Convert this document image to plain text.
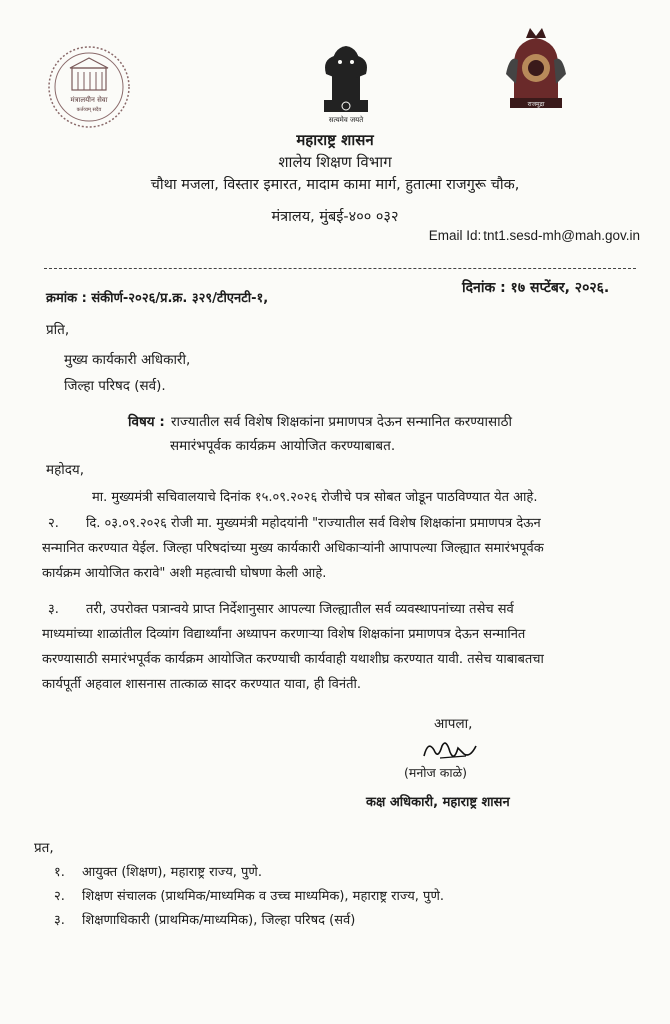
मंत्रालयीन सेवा
कर्तव्यम् सदैव
सत्यमेव जयते
राजमुद्रा
महाराष्ट्र शासन
शालेय शिक्षण विभाग
चौथा मजला, विस्तार इमारत, मादाम कामा मार्ग, हुतात्मा राजगुरू चौक,
मंत्रालय, मुंबई-४०० ०३२
Email Id: tnt1.sesd-mh@mah.gov.in
क्रमांक : संकीर्ण-२०२६/प्र.क्र. ३२९/टीएनटी-१,
दिनांक : १७ सप्टेंबर, २०२६.
प्रति,
मुख्य कार्यकारी अधिकारी,
जिल्हा परिषद (सर्व).
विषय : राज्यातील सर्व विशेष शिक्षकांना प्रमाणपत्र देऊन सन्मानित करण्यासाठी
समारंभपूर्वक कार्यक्रम आयोजित करण्याबाबत.
महोदय,
मा. मुख्यमंत्री सचिवालयाचे दिनांक १५.०९.२०२६ रोजीचे पत्र सोबत जोडून पाठविण्यात येत आहे.
२. दि. ०३.०९.२०२६ रोजी मा. मुख्यमंत्री महोदयांनी "राज्यातील सर्व विशेष शिक्षकांना प्रमाणपत्र देऊन
सन्मानित करण्यात येईल. जिल्हा परिषदांच्या मुख्य कार्यकारी अधिकाऱ्यांनी आपापल्या जिल्ह्यात समारंभपूर्वक
कार्यक्रम आयोजित करावे" अशी महत्वाची घोषणा केली आहे.
३. तरी, उपरोक्त पत्रान्वये प्राप्त निर्देशानुसार आपल्या जिल्ह्यातील सर्व व्यवस्थापनांच्या तसेच सर्व
माध्यमांच्या शाळांतील दिव्यांग विद्यार्थ्यांना अध्यापन करणाऱ्या विशेष शिक्षकांना प्रमाणपत्र देऊन सन्मानित
करण्यासाठी समारंभपूर्वक कार्यक्रम आयोजित करण्याची कार्यवाही यथाशीघ्र करण्यात यावी. तसेच याबाबतचा
कार्यपूर्ती अहवाल शासनास तात्काळ सादर करण्यात यावा, ही विनंती.
आपला,
(मनोज काळे)
कक्ष अधिकारी, महाराष्ट्र शासन
प्रत,
१. आयुक्त (शिक्षण), महाराष्ट्र राज्य, पुणे.
२. शिक्षण संचालक (प्राथमिक/माध्यमिक व उच्च माध्यमिक), महाराष्ट्र राज्य, पुणे.
३. शिक्षणाधिकारी (प्राथमिक/माध्यमिक), जिल्हा परिषद (सर्व)
